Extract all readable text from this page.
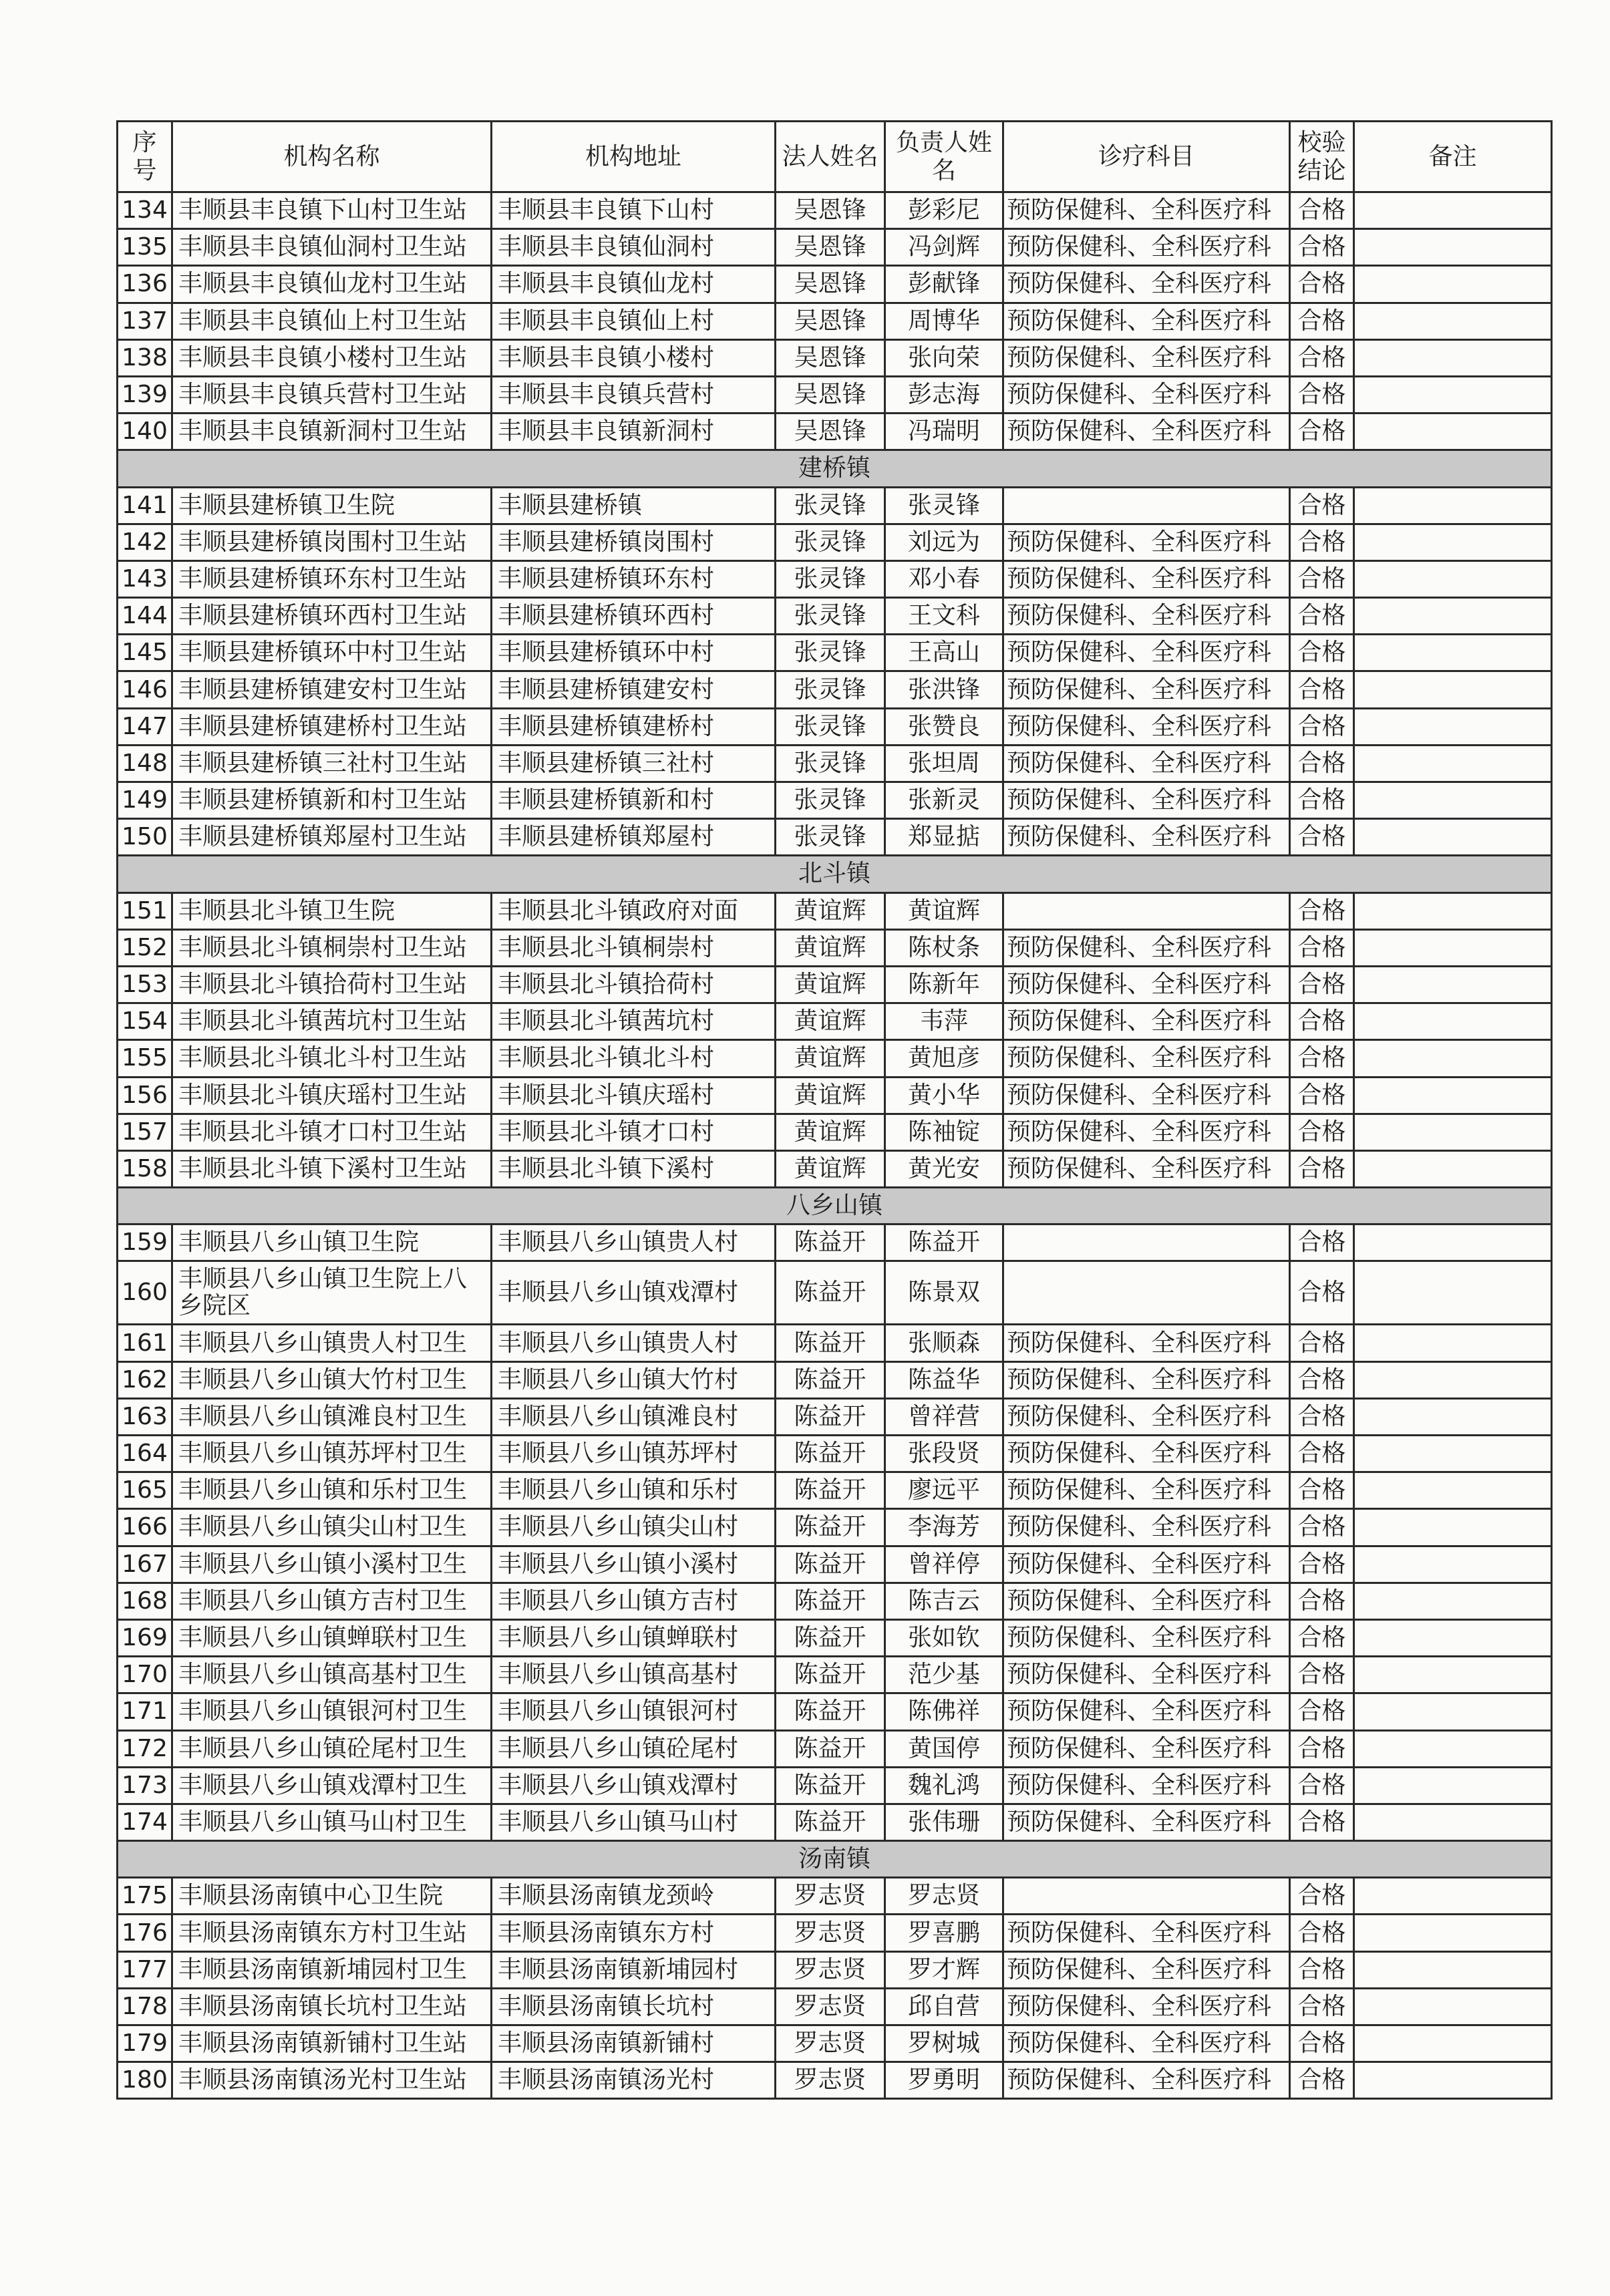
序号	机构名称	机构地址	法人姓名	负责人姓名	诊疗科目	校验结论	备注
134	丰顺县丰良镇下山村卫生站	丰顺县丰良镇下山村	吴恩锋	彭彩尼	预防保健科、全科医疗科	合格	
135	丰顺县丰良镇仙洞村卫生站	丰顺县丰良镇仙洞村	吴恩锋	冯剑辉	预防保健科、全科医疗科	合格	
136	丰顺县丰良镇仙龙村卫生站	丰顺县丰良镇仙龙村	吴恩锋	彭献锋	预防保健科、全科医疗科	合格	
137	丰顺县丰良镇仙上村卫生站	丰顺县丰良镇仙上村	吴恩锋	周博华	预防保健科、全科医疗科	合格	
138	丰顺县丰良镇小楼村卫生站	丰顺县丰良镇小楼村	吴恩锋	张向荣	预防保健科、全科医疗科	合格	
139	丰顺县丰良镇兵营村卫生站	丰顺县丰良镇兵营村	吴恩锋	彭志海	预防保健科、全科医疗科	合格	
140	丰顺县丰良镇新洞村卫生站	丰顺县丰良镇新洞村	吴恩锋	冯瑞明	预防保健科、全科医疗科	合格	
建桥镇							
141	丰顺县建桥镇卫生院	丰顺县建桥镇	张灵锋	张灵锋		合格	
142	丰顺县建桥镇岗围村卫生站	丰顺县建桥镇岗围村	张灵锋	刘远为	预防保健科、全科医疗科	合格	
143	丰顺县建桥镇环东村卫生站	丰顺县建桥镇环东村	张灵锋	邓小春	预防保健科、全科医疗科	合格	
144	丰顺县建桥镇环西村卫生站	丰顺县建桥镇环西村	张灵锋	王文科	预防保健科、全科医疗科	合格	
145	丰顺县建桥镇环中村卫生站	丰顺县建桥镇环中村	张灵锋	王高山	预防保健科、全科医疗科	合格	
146	丰顺县建桥镇建安村卫生站	丰顺县建桥镇建安村	张灵锋	张洪锋	预防保健科、全科医疗科	合格	
147	丰顺县建桥镇建桥村卫生站	丰顺县建桥镇建桥村	张灵锋	张赞良	预防保健科、全科医疗科	合格	
148	丰顺县建桥镇三社村卫生站	丰顺县建桥镇三社村	张灵锋	张坦周	预防保健科、全科医疗科	合格	
149	丰顺县建桥镇新和村卫生站	丰顺县建桥镇新和村	张灵锋	张新灵	预防保健科、全科医疗科	合格	
150	丰顺县建桥镇郑屋村卫生站	丰顺县建桥镇郑屋村	张灵锋	郑显掂	预防保健科、全科医疗科	合格	
北斗镇							
151	丰顺县北斗镇卫生院	丰顺县北斗镇政府对面	黄谊辉	黄谊辉		合格	
152	丰顺县北斗镇桐崇村卫生站	丰顺县北斗镇桐崇村	黄谊辉	陈杖条	预防保健科、全科医疗科	合格	
153	丰顺县北斗镇拾荷村卫生站	丰顺县北斗镇拾荷村	黄谊辉	陈新年	预防保健科、全科医疗科	合格	
154	丰顺县北斗镇茜坑村卫生站	丰顺县北斗镇茜坑村	黄谊辉	韦萍	预防保健科、全科医疗科	合格	
155	丰顺县北斗镇北斗村卫生站	丰顺县北斗镇北斗村	黄谊辉	黄旭彦	预防保健科、全科医疗科	合格	
156	丰顺县北斗镇庆瑶村卫生站	丰顺县北斗镇庆瑶村	黄谊辉	黄小华	预防保健科、全科医疗科	合格	
157	丰顺县北斗镇才口村卫生站	丰顺县北斗镇才口村	黄谊辉	陈袖锭	预防保健科、全科医疗科	合格	
158	丰顺县北斗镇下溪村卫生站	丰顺县北斗镇下溪村	黄谊辉	黄光安	预防保健科、全科医疗科	合格	
八乡山镇							
159	丰顺县八乡山镇卫生院	丰顺县八乡山镇贵人村	陈益开	陈益开		合格	
160	丰顺县八乡山镇卫生院上八乡院区	丰顺县八乡山镇戏潭村	陈益开	陈景双		合格	
161	丰顺县八乡山镇贵人村卫生	丰顺县八乡山镇贵人村	陈益开	张顺森	预防保健科、全科医疗科	合格	
162	丰顺县八乡山镇大竹村卫生	丰顺县八乡山镇大竹村	陈益开	陈益华	预防保健科、全科医疗科	合格	
163	丰顺县八乡山镇滩良村卫生	丰顺县八乡山镇滩良村	陈益开	曾祥营	预防保健科、全科医疗科	合格	
164	丰顺县八乡山镇苏坪村卫生	丰顺县八乡山镇苏坪村	陈益开	张段贤	预防保健科、全科医疗科	合格	
165	丰顺县八乡山镇和乐村卫生	丰顺县八乡山镇和乐村	陈益开	廖远平	预防保健科、全科医疗科	合格	
166	丰顺县八乡山镇尖山村卫生	丰顺县八乡山镇尖山村	陈益开	李海芳	预防保健科、全科医疗科	合格	
167	丰顺县八乡山镇小溪村卫生	丰顺县八乡山镇小溪村	陈益开	曾祥停	预防保健科、全科医疗科	合格	
168	丰顺县八乡山镇方吉村卫生	丰顺县八乡山镇方吉村	陈益开	陈吉云	预防保健科、全科医疗科	合格	
169	丰顺县八乡山镇蝉联村卫生	丰顺县八乡山镇蝉联村	陈益开	张如钦	预防保健科、全科医疗科	合格	
170	丰顺县八乡山镇高基村卫生	丰顺县八乡山镇高基村	陈益开	范少基	预防保健科、全科医疗科	合格	
171	丰顺县八乡山镇银河村卫生	丰顺县八乡山镇银河村	陈益开	陈佛祥	预防保健科、全科医疗科	合格	
172	丰顺县八乡山镇砼尾村卫生	丰顺县八乡山镇砼尾村	陈益开	黄国停	预防保健科、全科医疗科	合格	
173	丰顺县八乡山镇戏潭村卫生	丰顺县八乡山镇戏潭村	陈益开	魏礼鸿	预防保健科、全科医疗科	合格	
174	丰顺县八乡山镇马山村卫生	丰顺县八乡山镇马山村	陈益开	张伟珊	预防保健科、全科医疗科	合格	
汤南镇							
175	丰顺县汤南镇中心卫生院	丰顺县汤南镇龙颈岭	罗志贤	罗志贤		合格	
176	丰顺县汤南镇东方村卫生站	丰顺县汤南镇东方村	罗志贤	罗喜鹏	预防保健科、全科医疗科	合格	
177	丰顺县汤南镇新埔园村卫生	丰顺县汤南镇新埔园村	罗志贤	罗才辉	预防保健科、全科医疗科	合格	
178	丰顺县汤南镇长坑村卫生站	丰顺县汤南镇长坑村	罗志贤	邱自营	预防保健科、全科医疗科	合格	
179	丰顺县汤南镇新铺村卫生站	丰顺县汤南镇新铺村	罗志贤	罗树城	预防保健科、全科医疗科	合格	
180	丰顺县汤南镇汤光村卫生站	丰顺县汤南镇汤光村	罗志贤	罗勇明	预防保健科、全科医疗科	合格	
